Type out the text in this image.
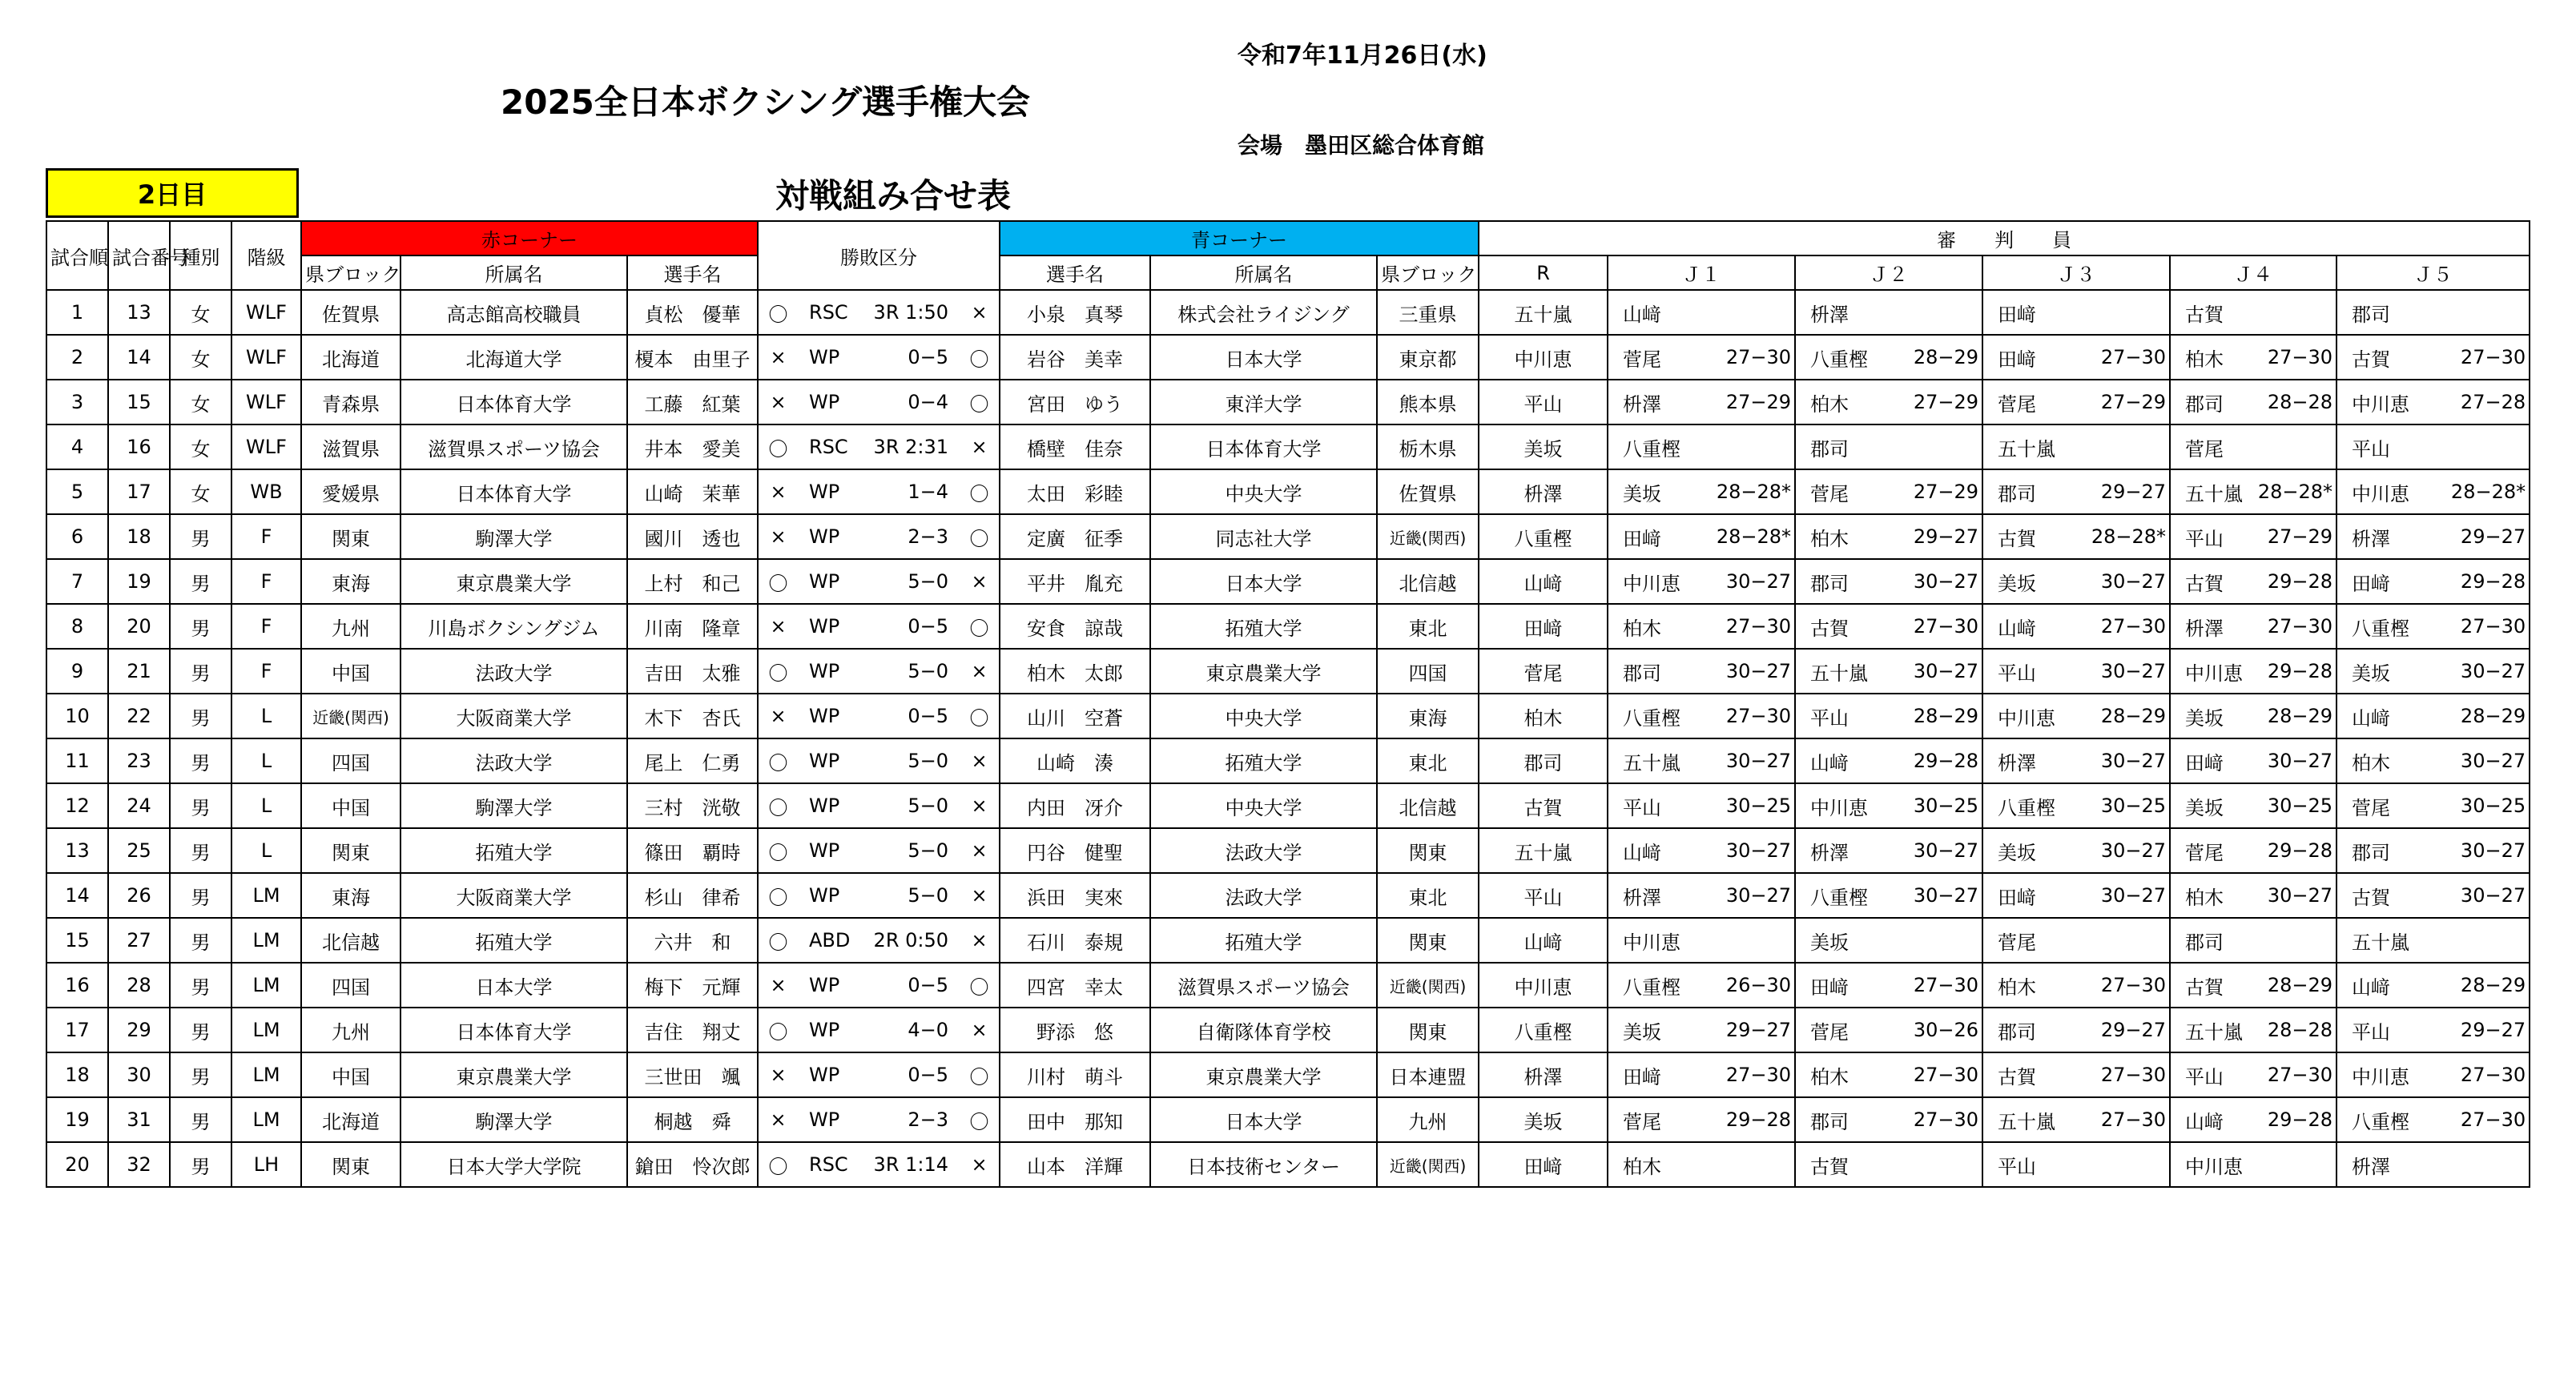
令和7年11月26日(水)
2025全日本ボクシング選手権大会
会場　墨田区総合体育館
2日目	対戦組み合せ表
試合順	試合番号	種別	階級	赤コーナー			勝敗区分			青コーナー			審　　判　　員					
				県ブロック	所属名	選手名				選手名	所属名	県ブロック	R	Ｊ１	Ｊ２	Ｊ３	Ｊ４	Ｊ５
1	13	女	WLF	佐賀県	高志館高校職員	貞松　優華	〇	RSC 3R 1:50	×	小泉　真琴	株式会社ライジング	三重県	五十嵐	山﨑	枡澤	田﨑	古賀	郡司

2	14	女	WLF	北海道	北海道大学	榎本　由里子	×	WP 0−5	〇	岩谷　美幸	日本大学	東京都	中川恵	菅尾 27−30	八重樫 28−29	田﨑 27−30	柏木 27−30	古賀 27−30

3	15	女	WLF	青森県	日本体育大学	工藤　紅葉	×	WP 0−4	〇	宮田　ゆう	東洋大学	熊本県	平山	枡澤 27−29	柏木 27−29	菅尾 27−29	郡司 28−28	中川恵 27−28

4	16	女	WLF	滋賀県	滋賀県スポーツ協会	井本　愛美	〇	RSC 3R 2:31	×	橋壁　佳奈	日本体育大学	栃木県	美坂	八重樫	郡司	五十嵐	菅尾	平山

5	17	女	WB	愛媛県	日本体育大学	山崎　茉華	×	WP 1−4	〇	太田　彩睦	中央大学	佐賀県	枡澤	美坂 28−28*	菅尾 27−29	郡司 29−27	五十嵐 28−28*	中川恵 28−28*

6	18	男	F	関東	駒澤大学	國川　透也	×	WP 2−3	〇	定廣　征季	同志社大学	近畿(関西)	八重樫	田﨑 28−28*	柏木 29−27	古賀 28−28*	平山 27−29	枡澤 29−27

7	19	男	F	東海	東京農業大学	上村　和己	〇	WP 5−0	×	平井　胤充	日本大学	北信越	山﨑	中川恵 30−27	郡司 30−27	美坂 30−27	古賀 29−28	田﨑 29−28

8	20	男	F	九州	川島ボクシングジム	川南　隆章	×	WP 0−5	〇	安食　諒哉	拓殖大学	東北	田﨑	柏木 27−30	古賀 27−30	山﨑 27−30	枡澤 27−30	八重樫 27−30

9	21	男	F	中国	法政大学	吉田　太雅	〇	WP 5−0	×	柏木　太郎	東京農業大学	四国	菅尾	郡司 30−27	五十嵐 30−27	平山 30−27	中川恵 29−28	美坂 30−27

10	22	男	L	近畿(関西)	大阪商業大学	木下　杏氏	×	WP 0−5	〇	山川　空蒼	中央大学	東海	柏木	八重樫 27−30	平山 28−29	中川恵 28−29	美坂 28−29	山﨑 28−29

11	23	男	L	四国	法政大学	尾上　仁勇	〇	WP 5−0	×	山崎　湊	拓殖大学	東北	郡司	五十嵐 30−27	山﨑 29−28	枡澤 30−27	田﨑 30−27	柏木 30−27

12	24	男	L	中国	駒澤大学	三村　洸敬	〇	WP 5−0	×	内田　冴介	中央大学	北信越	古賀	平山 30−25	中川恵 30−25	八重樫 30−25	美坂 30−25	菅尾 30−25

13	25	男	L	関東	拓殖大学	篠田　覇時	〇	WP 5−0	×	円谷　健聖	法政大学	関東	五十嵐	山﨑 30−27	枡澤 30−27	美坂 30−27	菅尾 29−28	郡司 30−27

14	26	男	LM	東海	大阪商業大学	杉山　律希	〇	WP 5−0	×	浜田　実來	法政大学	東北	平山	枡澤 30−27	八重樫 30−27	田﨑 30−27	柏木 30−27	古賀 30−27

15	27	男	LM	北信越	拓殖大学	六井　和	〇	ABD 2R 0:50	×	石川　泰規	拓殖大学	関東	山﨑	中川恵	美坂	菅尾	郡司	五十嵐

16	28	男	LM	四国	日本大学	梅下　元輝	×	WP 0−5	〇	四宮　幸太	滋賀県スポーツ協会	近畿(関西)	中川恵	八重樫 26−30	田﨑 27−30	柏木 27−30	古賀 28−29	山﨑 28−29

17	29	男	LM	九州	日本体育大学	吉住　翔丈	〇	WP 4−0	×	野添　悠	自衛隊体育学校	関東	八重樫	美坂 29−27	菅尾 30−26	郡司 29−27	五十嵐 28−28	平山 29−27

18	30	男	LM	中国	東京農業大学	三世田　颯	×	WP 0−5	〇	川村　萌斗	東京農業大学	日本連盟	枡澤	田﨑 27−30	柏木 27−30	古賀 27−30	平山 27−30	中川恵 27−30

19	31	男	LM	北海道	駒澤大学	桐越　舜	×	WP 2−3	〇	田中　那知	日本大学	九州	美坂	菅尾 29−28	郡司 27−30	五十嵐 27−30	山﨑 29−28	八重樫 27−30

20	32	男	LH	関東	日本大学大学院	鎗田　怜次郎	〇	RSC 3R 1:14	×	山本　洋輝	日本技術センター	近畿(関西)	田﨑	柏木	古賀	平山	中川恵	枡澤
